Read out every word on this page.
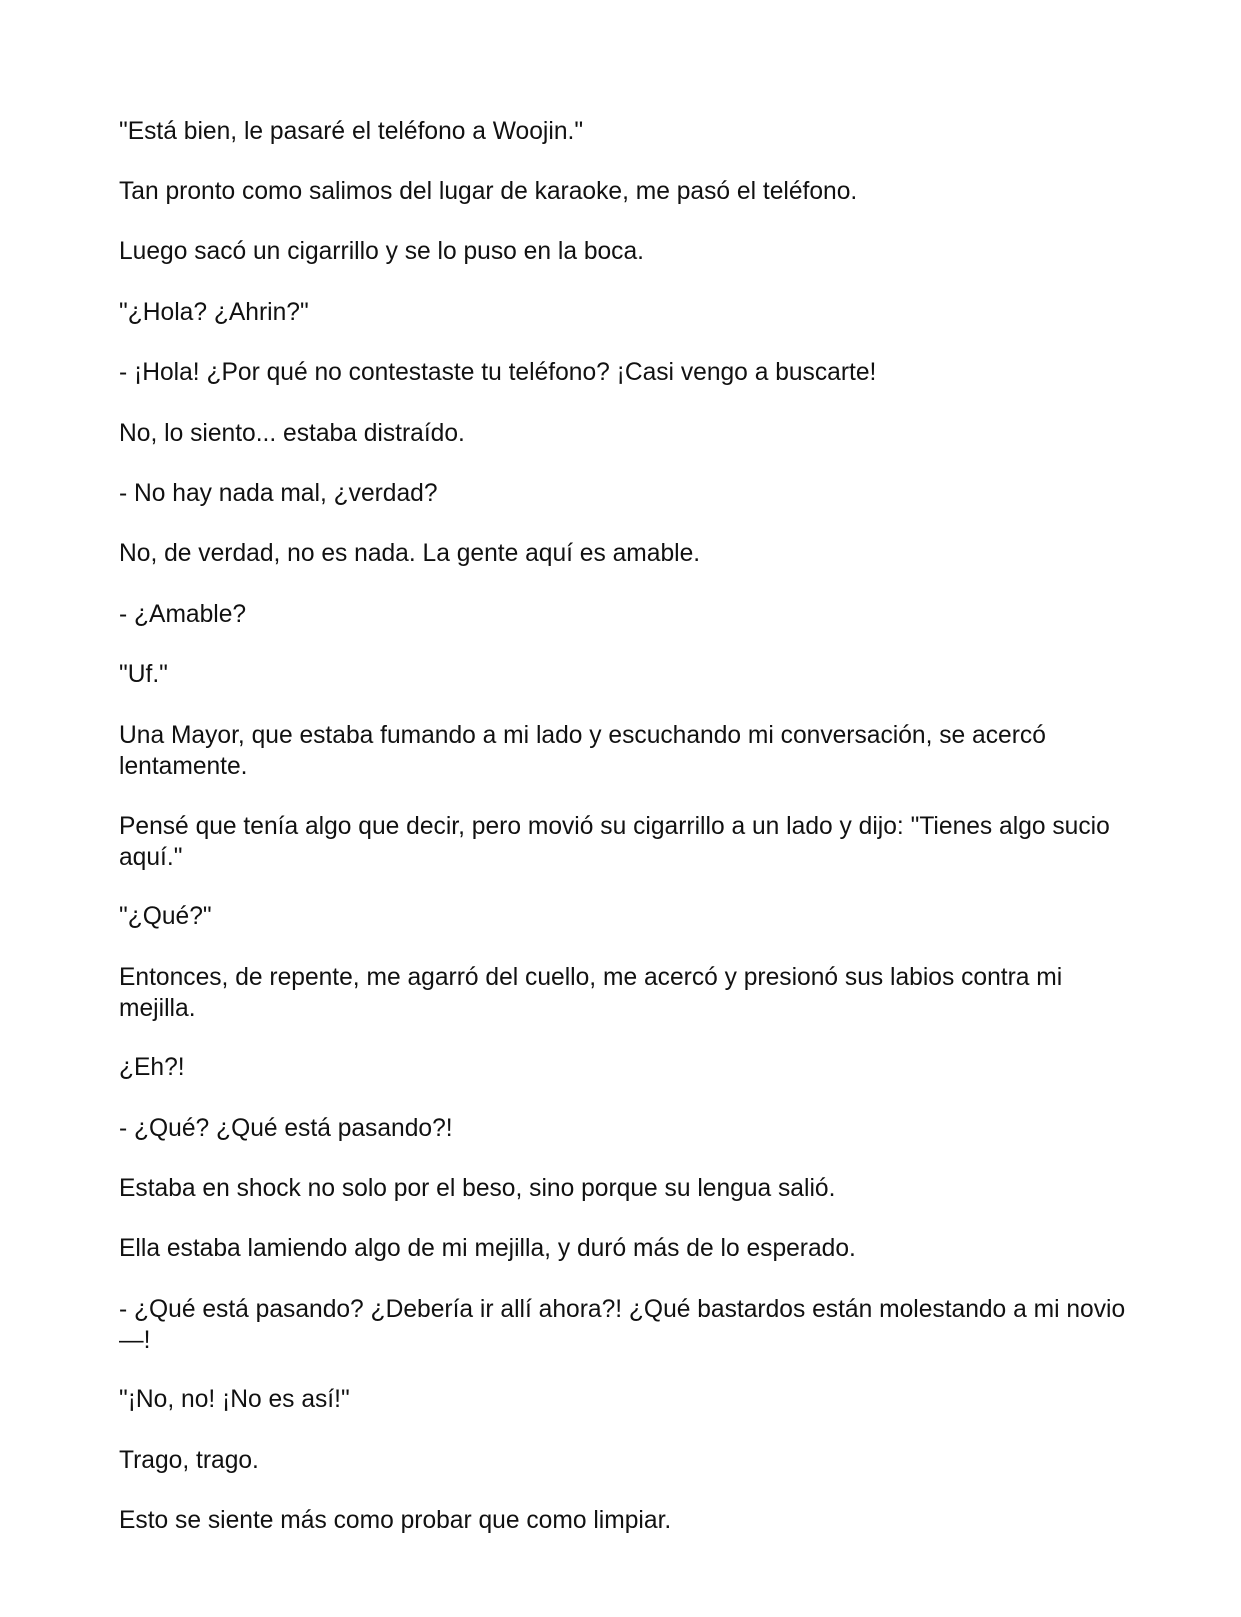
"Está bien, le pasaré el teléfono a Woojin."

Tan pronto como salimos del lugar de karaoke, me pasó el teléfono.

Luego sacó un cigarrillo y se lo puso en la boca.

"¿Hola? ¿Ahrin?"

- ¡Hola! ¿Por qué no contestaste tu teléfono? ¡Casi vengo a buscarte!

No, lo siento... estaba distraído.

- No hay nada mal, ¿verdad?

No, de verdad, no es nada. La gente aquí es amable.

- ¿Amable?

"Uf."

Una Mayor, que estaba fumando a mi lado y escuchando mi conversación, se acercó lentamente.

Pensé que tenía algo que decir, pero movió su cigarrillo a un lado y dijo: "Tienes algo sucio aquí."

"¿Qué?"

Entonces, de repente, me agarró del cuello, me acercó y presionó sus labios contra mi mejilla.

¿Eh?!

- ¿Qué? ¿Qué está pasando?!

Estaba en shock no solo por el beso, sino porque su lengua salió.

Ella estaba lamiendo algo de mi mejilla, y duró más de lo esperado.

- ¿Qué está pasando? ¿Debería ir allí ahora?! ¿Qué bastardos están molestando a mi novio—!

"¡No, no! ¡No es así!"

Trago, trago.

Esto se siente más como probar que como limpiar.
